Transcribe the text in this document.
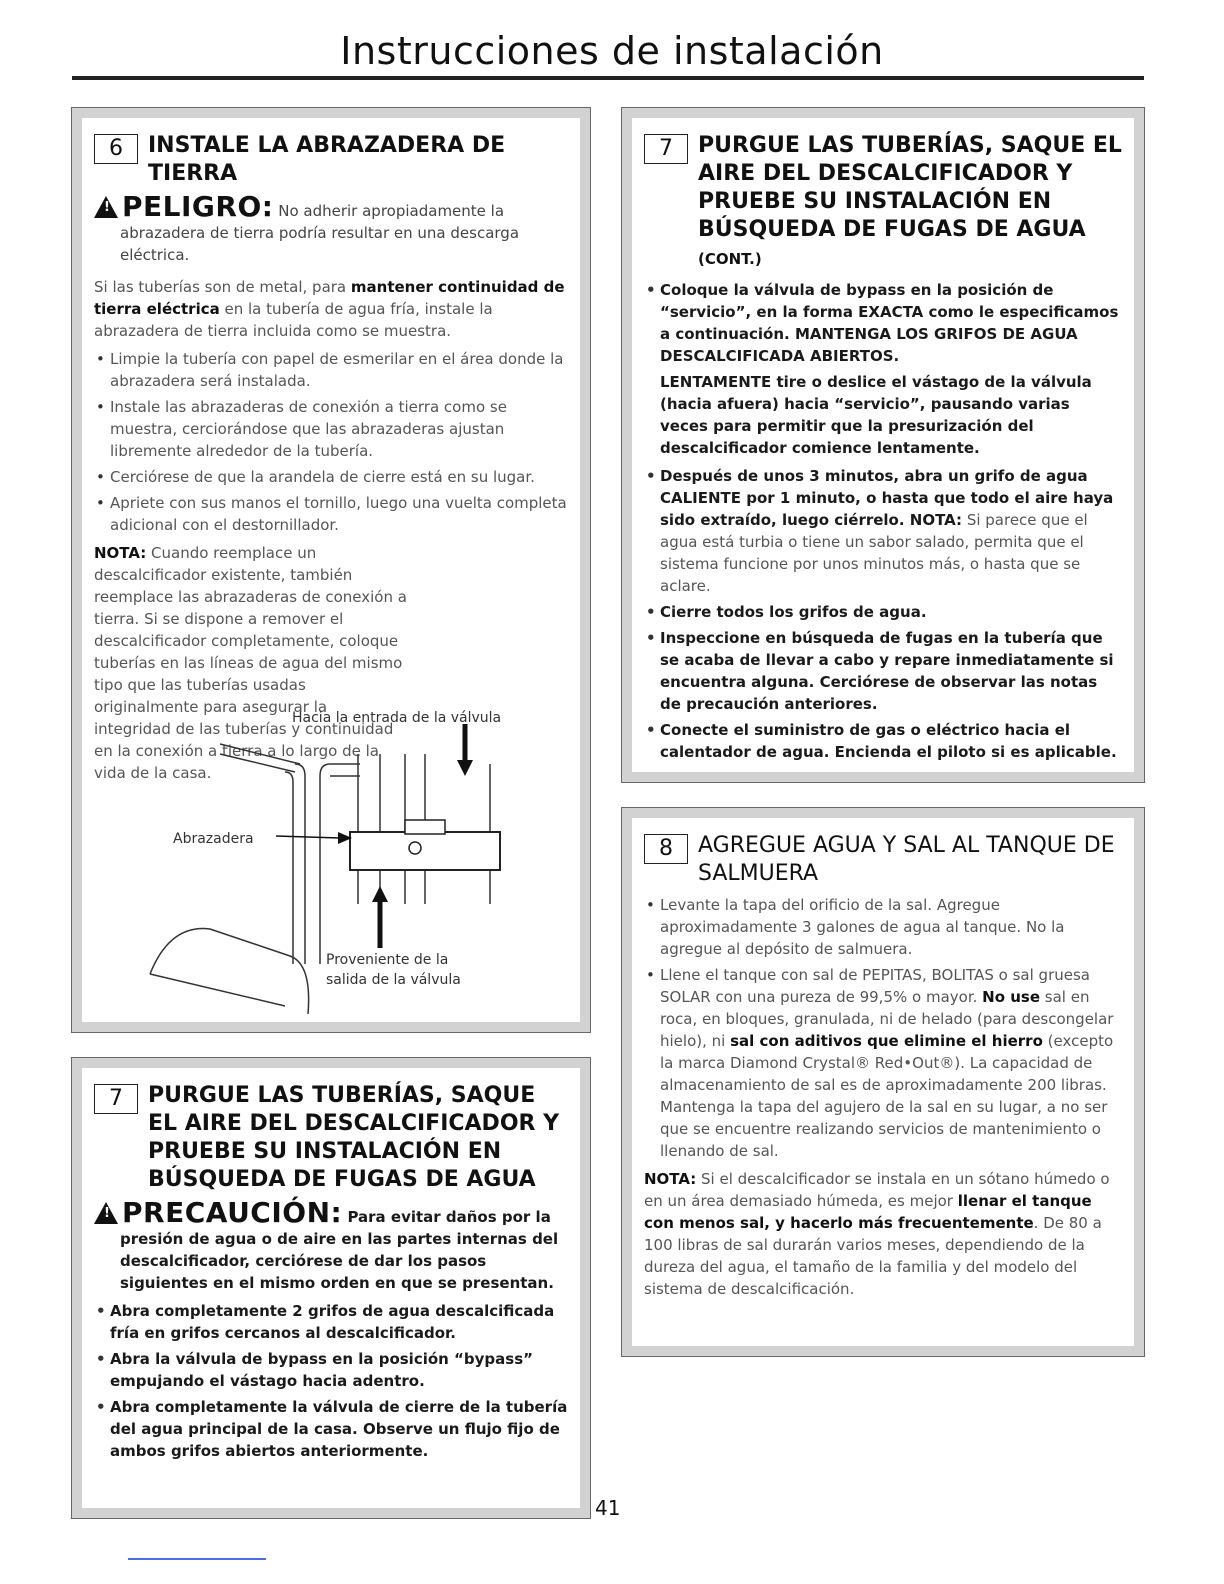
Instrucciones de instalación
6	INSTALE LA ABRAZADERA DE TIERRA
! PELIGRO: No adherir apropiadamente la
abrazadera de tierra podría resultar en una descarga eléctrica.
Si las tuberías son de metal, para mantener continuidad de tierra eléctrica en la tubería de agua fría, instale la abrazadera de tierra incluida como se muestra.
• Limpie la tubería con papel de esmerilar en el área donde la abrazadera será instalada.
• Instale las abrazaderas de conexión a tierra como se muestra, cerciorándose que las abrazaderas ajustan libremente alrededor de la tubería.
• Cerciórese de que la arandela de cierre está en su lugar.
• Apriete con sus manos el tornillo, luego una vuelta completa adicional con el destornillador.
NOTA: Cuando reemplace un descalcificador existente, también reemplace las abrazaderas de conexión a tierra. Si se dispone a remover el descalcificador completamente, coloque tuberías en las líneas de agua del mismo tipo que las tuberías usadas originalmente para asegurar la integridad de las tuberías y continuidad en la conexión a tierra a lo largo de la vida de la casa.
Hacia la entrada de la válvula
Abrazadera
Proveniente de la
salida de la válvula
7	PURGUE LAS TUBERÍAS, SAQUE EL AIRE DEL DESCALCIFICADOR Y PRUEBE SU INSTALACIÓN EN BÚSQUEDA DE FUGAS DE AGUA
! PRECAUCIÓN: Para evitar daños por la
presión de agua o de aire en las partes internas del descalcificador, cerciórese de dar los pasos siguientes en el mismo orden en que se presentan.
• Abra completamente 2 grifos de agua descalcificada fría en grifos cercanos al descalcificador.
• Abra la válvula de bypass en la posición “bypass” empujando el vástago hacia adentro.
• Abra completamente la válvula de cierre de la tubería del agua principal de la casa. Observe un flujo fijo de ambos grifos abiertos anteriormente.
7	PURGUE LAS TUBERÍAS, SAQUE EL AIRE DEL DESCALCIFICADOR Y PRUEBE SU INSTALACIÓN EN BÚSQUEDA DE FUGAS DE AGUA (CONT.)
• Coloque la válvula de bypass en la posición de “servicio”, en la forma EXACTA como le especificamos a continuación. MANTENGA LOS GRIFOS DE AGUA DESCALCIFICADA ABIERTOS.
LENTAMENTE tire o deslice el vástago de la válvula (hacia afuera) hacia “servicio”, pausando varias veces para permitir que la presurización del descalcificador comience lentamente.
• Después de unos 3 minutos, abra un grifo de agua CALIENTE por 1 minuto, o hasta que todo el aire haya sido extraído, luego ciérrelo. NOTA: Si parece que el agua está turbia o tiene un sabor salado, permita que el sistema funcione por unos minutos más, o hasta que se aclare.
• Cierre todos los grifos de agua.
• Inspeccione en búsqueda de fugas en la tubería que se acaba de llevar a cabo y repare inmediatamente si encuentra alguna. Cerciórese de observar las notas de precaución anteriores.
• Conecte el suministro de gas o eléctrico hacia el calentador de agua. Encienda el piloto si es aplicable.
8	AGREGUE AGUA Y SAL AL TANQUE DE SALMUERA
• Levante la tapa del orificio de la sal. Agregue aproximadamente 3 galones de agua al tanque. No la agregue al depósito de salmuera.
• Llene el tanque con sal de PEPITAS, BOLITAS o sal gruesa SOLAR con una pureza de 99,5% o mayor. No use sal en roca, en bloques, granulada, ni de helado (para descongelar hielo), ni sal con aditivos que elimine el hierro (excepto la marca Diamond Crystal® Red•Out®). La capacidad de almacenamiento de sal es de aproximadamente 200 libras. Mantenga la tapa del agujero de la sal en su lugar, a no ser que se encuentre realizando servicios de mantenimiento o llenando de sal.
NOTA: Si el descalcificador se instala en un sótano húmedo o en un área demasiado húmeda, es mejor llenar el tanque con menos sal, y hacerlo más frecuentemente. De 80 a 100 libras de sal durarán varios meses, dependiendo de la dureza del agua, el tamaño de la familia y del modelo del sistema de descalcificación.
41
